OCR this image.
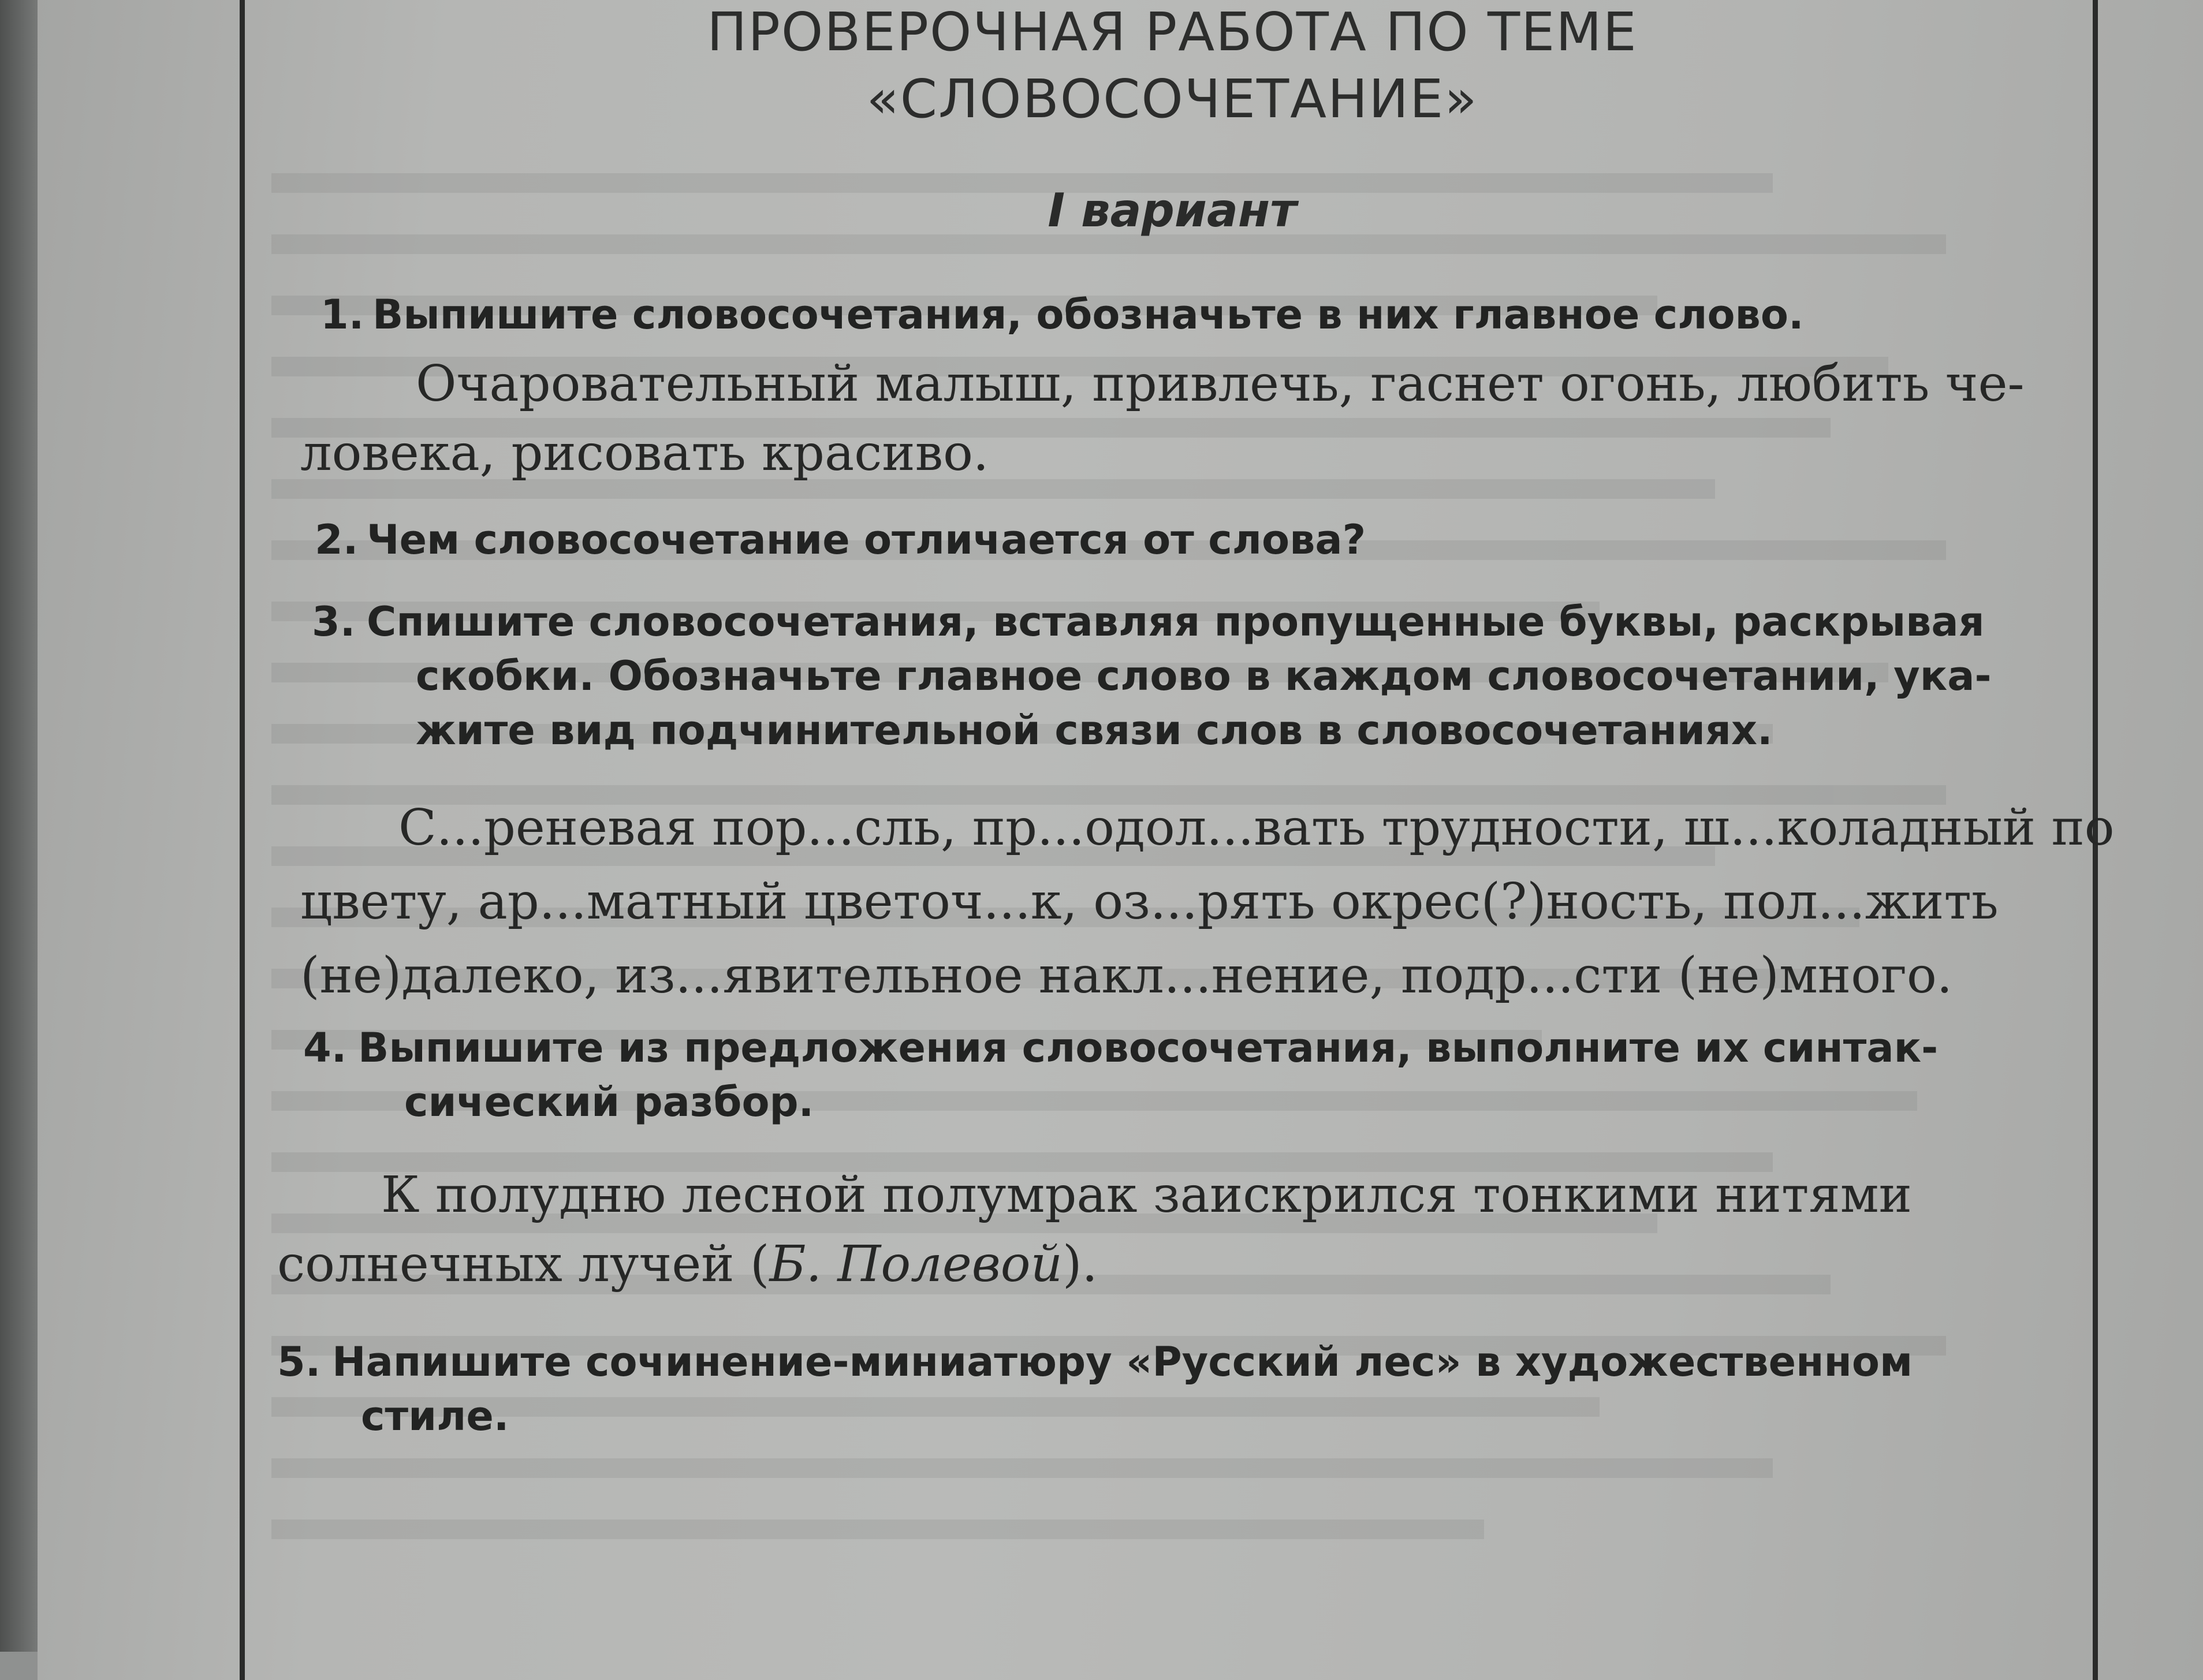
ПРОВЕРОЧНАЯ РАБОТА ПО ТЕМЕ
«СЛОВОСОЧЕТАНИЕ»
I вариант
1. Выпишите словосочетания, обозначьте в них главное слово.
Очаровательный малыш, привлечь, гаснет огонь, любить че-
ловека, рисовать красиво.
2. Чем словосочетание отличается от слова?
3. Спишите словосочетания, вставляя пропущенные буквы, раскрывая
скобки. Обозначьте главное слово в каждом словосочетании, ука-
жите вид подчинительной связи слов в словосочетаниях.
С...реневая пор...сль, пр...одол...вать трудности, ш...коладный по
цвету, ар...матный цветоч...к, оз...рять окрес(?)ность, пол...жить
(не)далеко, из...явительное накл...нение, подр...сти (не)много.
4. Выпишите из предложения словосочетания, выполните их синтак-
сический разбор.
К полудню лесной полумрак заискрился тонкими нитями
солнечных лучей (Б. Полевой).
5. Напишите сочинение-миниатюру «Русский лес» в художественном
стиле.
